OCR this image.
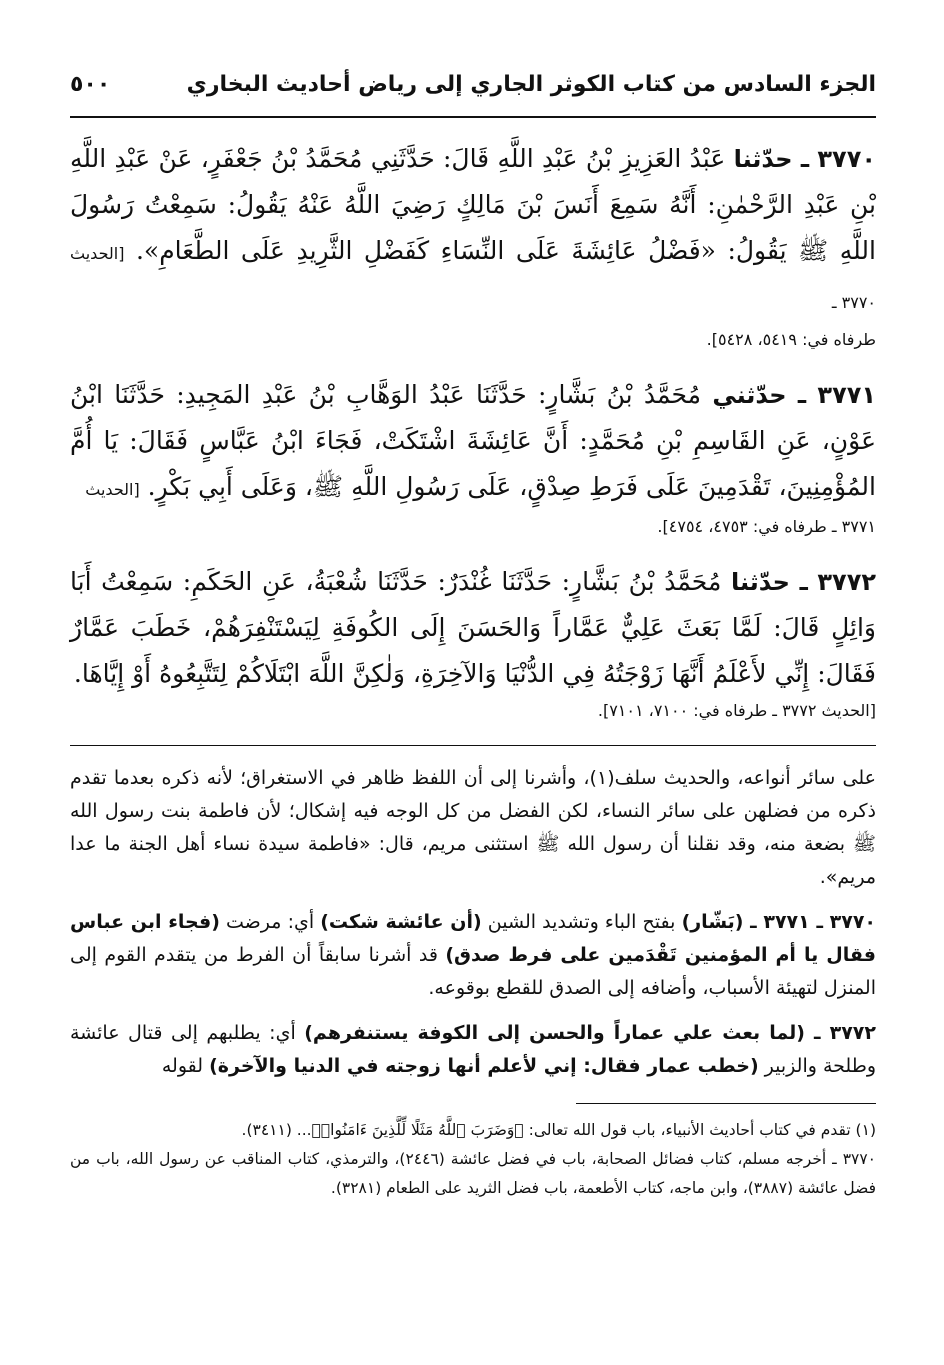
الجزء السادس من كتاب الكوثر الجاري إلى رياض أحاديث البخاري
٥٠٠
٣٧٧٠ ـ حدّثنا عَبْدُ العَزِيزِ بْنُ عَبْدِ اللَّهِ قَالَ: حَدَّثَنِي مُحَمَّدُ بْنُ جَعْفَرٍ، عَنْ عَبْدِ اللَّهِ بْنِ عَبْدِ الرَّحْمٰنِ: أَنَّهُ سَمِعَ أَنَسَ بْنَ مَالِكٍ رَضِيَ اللَّهُ عَنْهُ يَقُولُ: سَمِعْتُ رَسُولَ اللَّهِ ﷺ يَقُولُ: «فَضْلُ عَائِشَةَ عَلَى النِّسَاءِ كَفَضْلِ الثَّرِيدِ عَلَى الطَّعَامِ». [الحديث ٣٧٧٠ ـ
طرفاه في: ٥٤١٩، ٥٤٢٨].
٣٧٧١ ـ حدّثني مُحَمَّدُ بْنُ بَشَّارٍ: حَدَّثَنَا عَبْدُ الوَهَّابِ بْنُ عَبْدِ المَجِيدِ: حَدَّثَنَا ابْنُ عَوْنٍ، عَنِ القَاسِمِ بْنِ مُحَمَّدٍ: أَنَّ عَائِشَةَ اشْتَكَتْ، فَجَاءَ ابْنُ عَبَّاسٍ فَقَالَ: يَا أُمَّ المُؤْمِنِينَ، تَقْدَمِينَ عَلَى فَرَطِ صِدْقٍ، عَلَى رَسُولِ اللَّهِ ﷺ، وَعَلَى أَبِي بَكْرٍ. [الحديث
٣٧٧١ ـ طرفاه في: ٤٧٥٣، ٤٧٥٤].
٣٧٧٢ ـ حدّثنا مُحَمَّدُ بْنُ بَشَّارٍ: حَدَّثَنَا غُنْدَرٌ: حَدَّثَنَا شُعْبَةُ، عَنِ الحَكَمِ: سَمِعْتُ أَبَا وَائِلٍ قَالَ: لَمَّا بَعَثَ عَلِيٌّ عَمَّاراً وَالحَسَنَ إِلَى الكُوفَةِ لِيَسْتَنْفِرَهُمْ، خَطَبَ عَمَّارٌ فَقَالَ: إِنِّي لأَعْلَمُ أَنَّهَا زَوْجَتُهُ فِي الدُّنْيَا وَالآخِرَةِ، وَلٰكِنَّ اللَّهَ ابْتَلَاكُمْ لِتَتَّبِعُوهُ أَوْ إِيَّاهَا.
[الحديث ٣٧٧٢ ـ طرفاه في: ٧١٠٠، ٧١٠١].

على سائر أنواعه، والحديث سلف(١)، وأشرنا إلى أن اللفظ ظاهر في الاستغراق؛ لأنه ذكره بعدما تقدم ذكره من فضلهن على سائر النساء، لكن الفضل من كل الوجه فيه إشكال؛ لأن فاطمة بنت رسول الله ﷺ بضعة منه، وقد نقلنا أن رسول الله ﷺ استثنى مريم، قال: «فاطمة سيدة نساء أهل الجنة ما عدا مريم».

٣٧٧٠ ـ ٣٧٧١ ـ (بَشّار) بفتح الباء وتشديد الشين (أن عائشة شكت) أي: مرضت (فجاء ابن عباس فقال يا أم المؤمنين تَقْدَمين على فرط صدق) قد أشرنا سابقاً أن الفرط من يتقدم القوم إلى المنزل لتهيئة الأسباب، وأضافه إلى الصدق للقطع بوقوعه.

٣٧٧٢ ـ (لما بعث علي عماراً والحسن إلى الكوفة يستنفرهم) أي: يطلبهم إلى قتال عائشة وطلحة والزبير (خطب عمار فقال: إني لأعلم أنها زوجته في الدنيا والآخرة) لقوله

(١) تقدم في كتاب أحاديث الأنبياء، باب قول الله تعالى: ﴿وَضَرَبَ ٱللَّهُ مَثَلًا لِّلَّذِينَ ءَامَنُوا۟﴾... (٣٤١١).

٣٧٧٠ ـ أخرجه مسلم، كتاب فضائل الصحابة، باب في فضل عائشة (٢٤٤٦)، والترمذي، كتاب المناقب عن رسول الله، باب من فضل عائشة (٣٨٨٧)، وابن ماجه، كتاب الأطعمة، باب فضل الثريد على الطعام (٣٢٨١).
